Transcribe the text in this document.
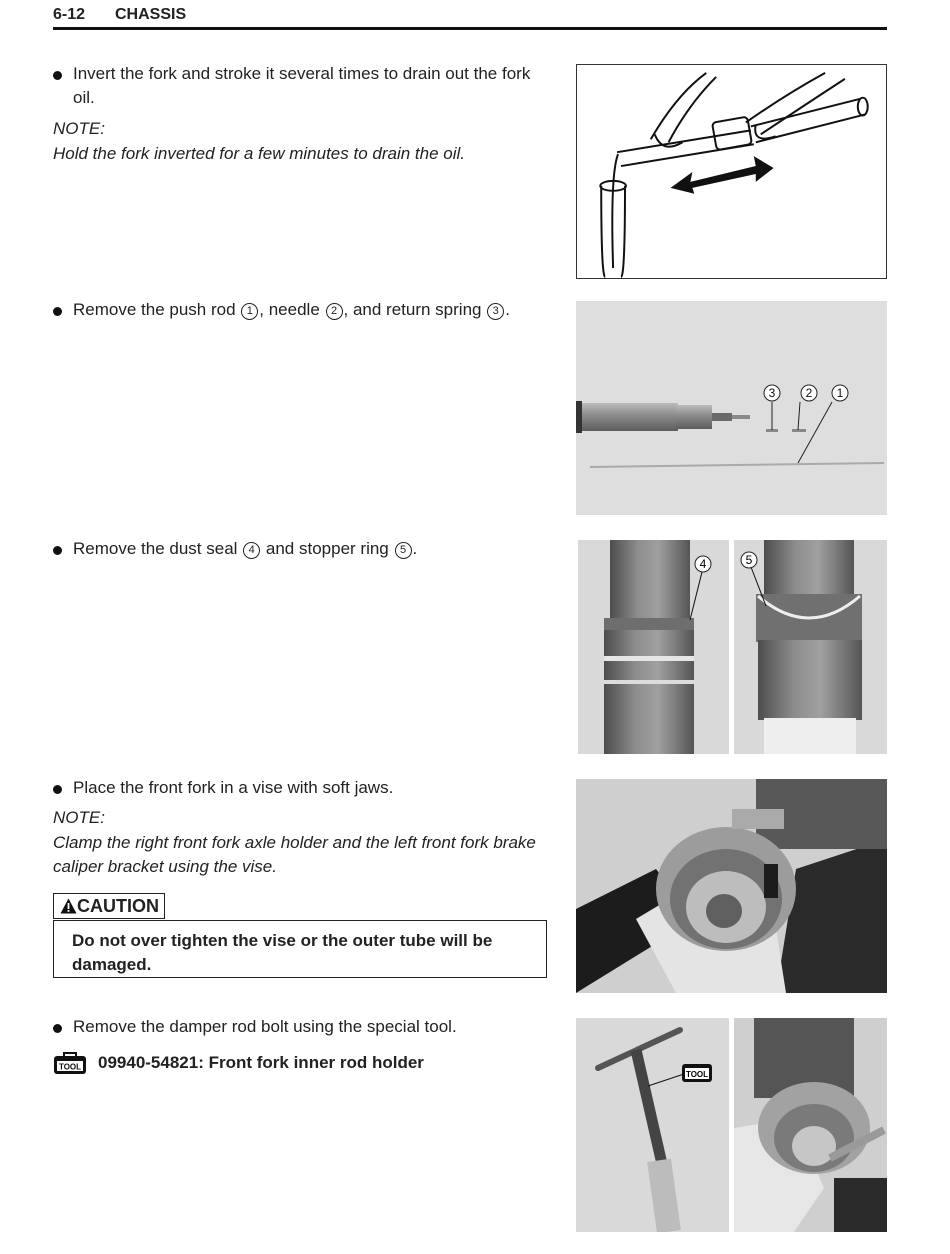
6-12 CHASSIS
Invert the fork and stroke it several times to drain out the fork
oil.
NOTE:
Hold the fork inverted for a few minutes to drain the oil.
Remove the push rod 1 , needle 2 , and return spring 3 .
Remove the dust seal 4 and stopper ring 5 .
Place the front fork in a vise with soft jaws.
NOTE:
Clamp the right front fork axle holder and the left front fork brake
caliper bracket using the vise.
CAUTION
Do not over tighten the vise or the outer tube will be
damaged.
Remove the damper rod bolt using the special tool.
TOOL 09940-54821: Front fork inner rod holder
3	2 1
4	5
TOOL
